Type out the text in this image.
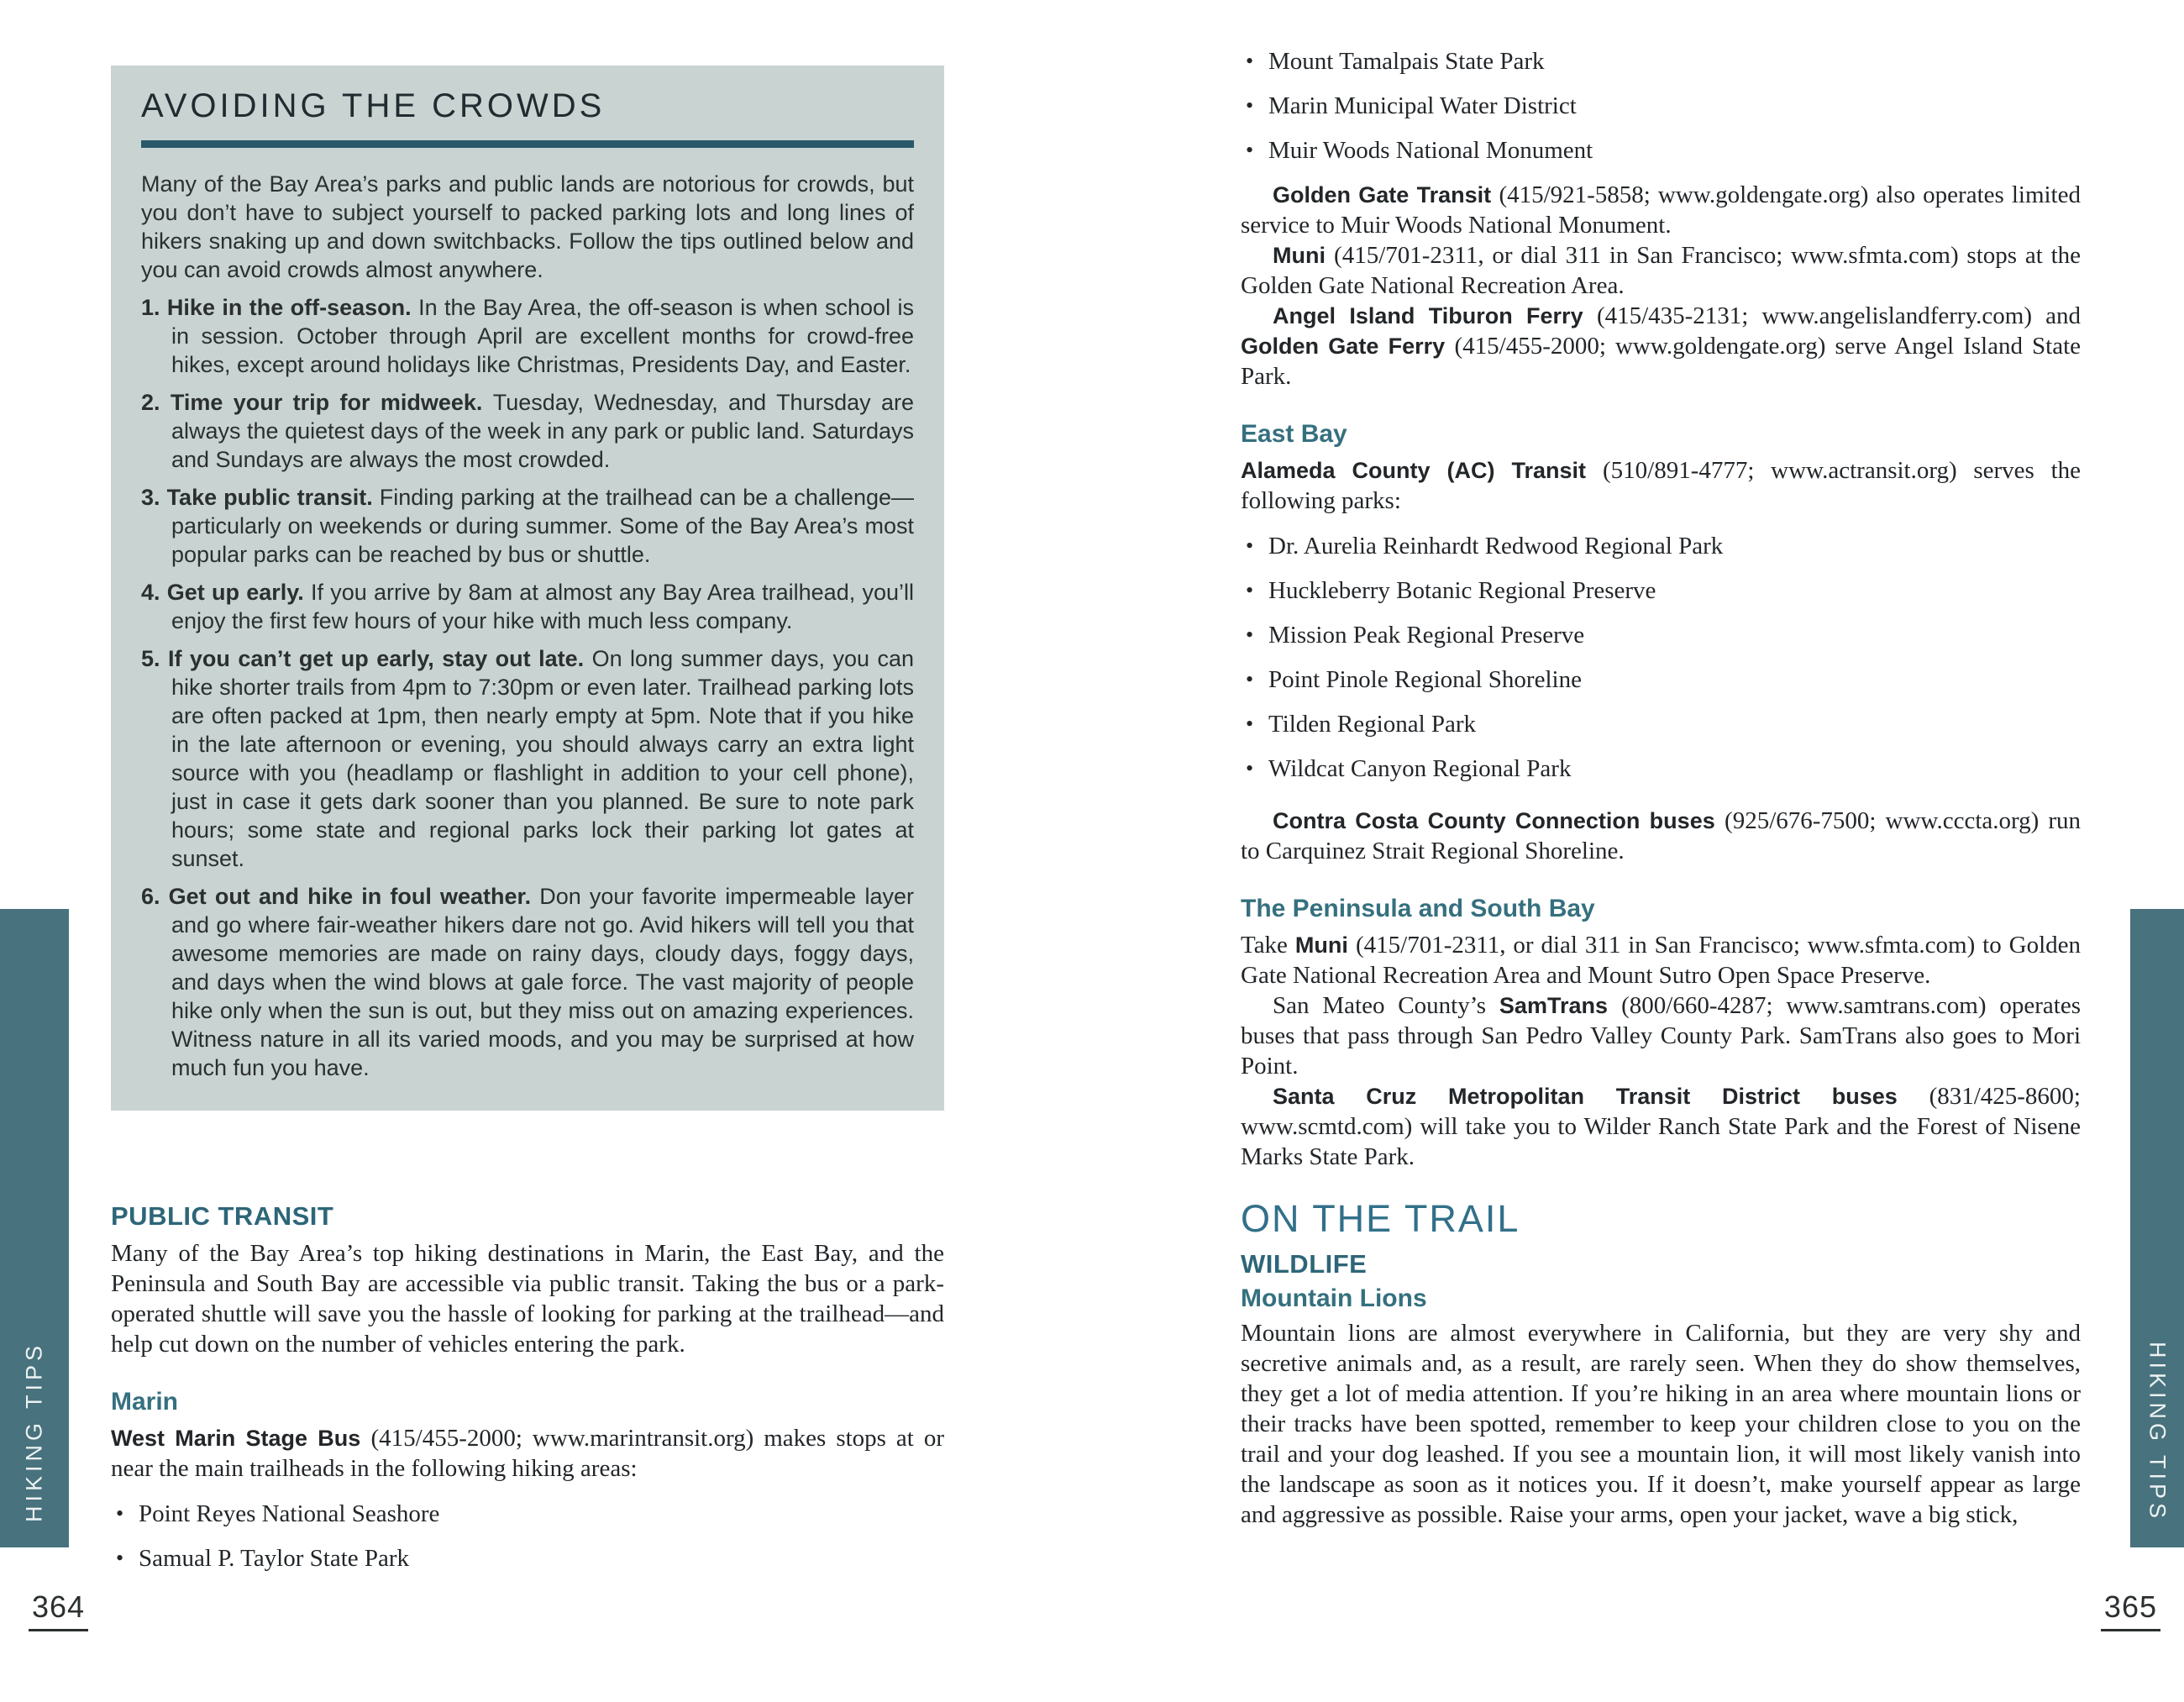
AVOIDING THE CROWDS

Many of the Bay Area’s parks and public lands are notorious for crowds, but you don’t have to subject yourself to packed parking lots and long lines of hikers snaking up and down switchbacks. Follow the tips outlined below and you can avoid crowds almost anywhere.

1. Hike in the off-season. In the Bay Area, the off-season is when school is in session. October through April are excellent months for crowd-free hikes, except around holidays like Christmas, Presidents Day, and Easter.

2. Time your trip for midweek. Tuesday, Wednesday, and Thursday are always the quietest days of the week in any park or public land. Saturdays and Sundays are always the most crowded.

3. Take public transit. Finding parking at the trailhead can be a challenge—particularly on weekends or during summer. Some of the Bay Area’s most popular parks can be reached by bus or shuttle.

4. Get up early. If you arrive by 8am at almost any Bay Area trailhead, you’ll enjoy the first few hours of your hike with much less company.

5. If you can’t get up early, stay out late. On long summer days, you can hike shorter trails from 4pm to 7:30pm or even later. Trailhead parking lots are often packed at 1pm, then nearly empty at 5pm. Note that if you hike in the late afternoon or evening, you should always carry an extra light source with you (headlamp or flashlight in addition to your cell phone), just in case it gets dark sooner than you planned. Be sure to note park hours; some state and regional parks lock their parking lot gates at sunset.

6. Get out and hike in foul weather. Don your favorite impermeable layer and go where fair-weather hikers dare not go. Avid hikers will tell you that awesome memories are made on rainy days, cloudy days, foggy days, and days when the wind blows at gale force. The vast majority of people hike only when the sun is out, but they miss out on amazing experiences. Witness nature in all its varied moods, and you may be surprised at how much fun you have.

PUBLIC TRANSIT

Many of the Bay Area’s top hiking destinations in Marin, the East Bay, and the Peninsula and South Bay are accessible via public transit. Taking the bus or a park-operated shuttle will save you the hassle of looking for parking at the trailhead—and help cut down on the number of vehicles entering the park.

Marin

West Marin Stage Bus (415/455-2000; www.marintransit.org) makes stops at or near the main trailheads in the following hiking areas:

• Point Reyes National Seashore
• Samual P. Taylor State Park
HIKING TIPS
364
• Mount Tamalpais State Park
• Marin Municipal Water District
• Muir Woods National Monument

Golden Gate Transit (415/921-5858; www.goldengate.org) also operates limited service to Muir Woods National Monument.

Muni (415/701-2311, or dial 311 in San Francisco; www.sfmta.com) stops at the Golden Gate National Recreation Area.

Angel Island Tiburon Ferry (415/435-2131; www.angelislandferry.com) and Golden Gate Ferry (415/455-2000; www.goldengate.org) serve Angel Island State Park.

East Bay

Alameda County (AC) Transit (510/891-4777; www.actransit.org) serves the following parks:

• Dr. Aurelia Reinhardt Redwood Regional Park
• Huckleberry Botanic Regional Preserve
• Mission Peak Regional Preserve
• Point Pinole Regional Shoreline
• Tilden Regional Park
• Wildcat Canyon Regional Park

Contra Costa County Connection buses (925/676-7500; www.cccta.org) run to Carquinez Strait Regional Shoreline.

The Peninsula and South Bay

Take Muni (415/701-2311, or dial 311 in San Francisco; www.sfmta.com) to Golden Gate National Recreation Area and Mount Sutro Open Space Preserve.

San Mateo County’s SamTrans (800/660-4287; www.samtrans.com) operates buses that pass through San Pedro Valley County Park. SamTrans also goes to Mori Point.

Santa Cruz Metropolitan Transit District buses (831/425-8600; www.scmtd.com) will take you to Wilder Ranch State Park and the Forest of Nisene Marks State Park.

ON THE TRAIL
WILDLIFE
Mountain Lions

Mountain lions are almost everywhere in California, but they are very shy and secretive animals and, as a result, are rarely seen. When they do show themselves, they get a lot of media attention. If you’re hiking in an area where mountain lions or their tracks have been spotted, remember to keep your children close to you on the trail and your dog leashed. If you see a mountain lion, it will most likely vanish into the landscape as soon as it notices you. If it doesn’t, make yourself appear as large and aggressive as possible. Raise your arms, open your jacket, wave a big stick,	HIKING TIPS
365
